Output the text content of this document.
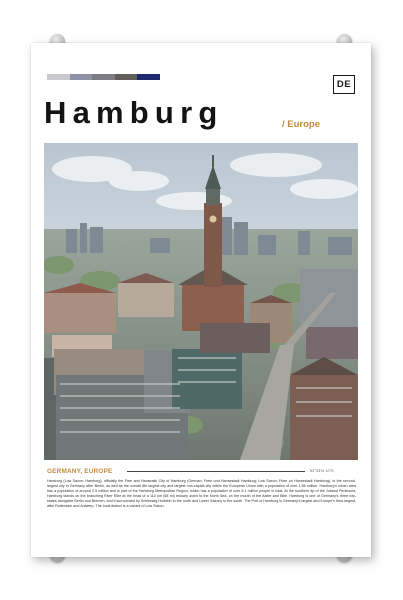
DE
Hamburg	/ Europe
GERMANY, EUROPE	53°33′N 10°E

Hamburg (Low Saxon: Hamborg), officially the Free and Hanseatic City of Hamburg (German: Freie und Hansestadt Hamburg; Low Saxon: Friee un Hansestadt Hamborg), is the second-largest city in Germany after Berlin, as well as the overall 8th largest city and largest non-capital city within the European Union with a population of over 1.85 million. Hamburg's urban area has a population of around 2.5 million and is part of the Hamburg Metropolitan Region, which has a population of over 5.1 million people in total. At the southern tip of the Jutland Peninsula, Hamburg stands on the branching River Elbe at the head of a 110 km (68 mi) estuary down to the North Sea, on the mouth of the Alster and Bille. Hamburg is one of Germany's three city-states alongside Berlin and Bremen, and it surrounded by Schleswig-Holstein to the north and Lower Saxony to the south. The Port of Hamburg is Germany's largest and Europe's third-largest, after Rotterdam and Antwerp. The local dialect is a variant of Low Saxon.
